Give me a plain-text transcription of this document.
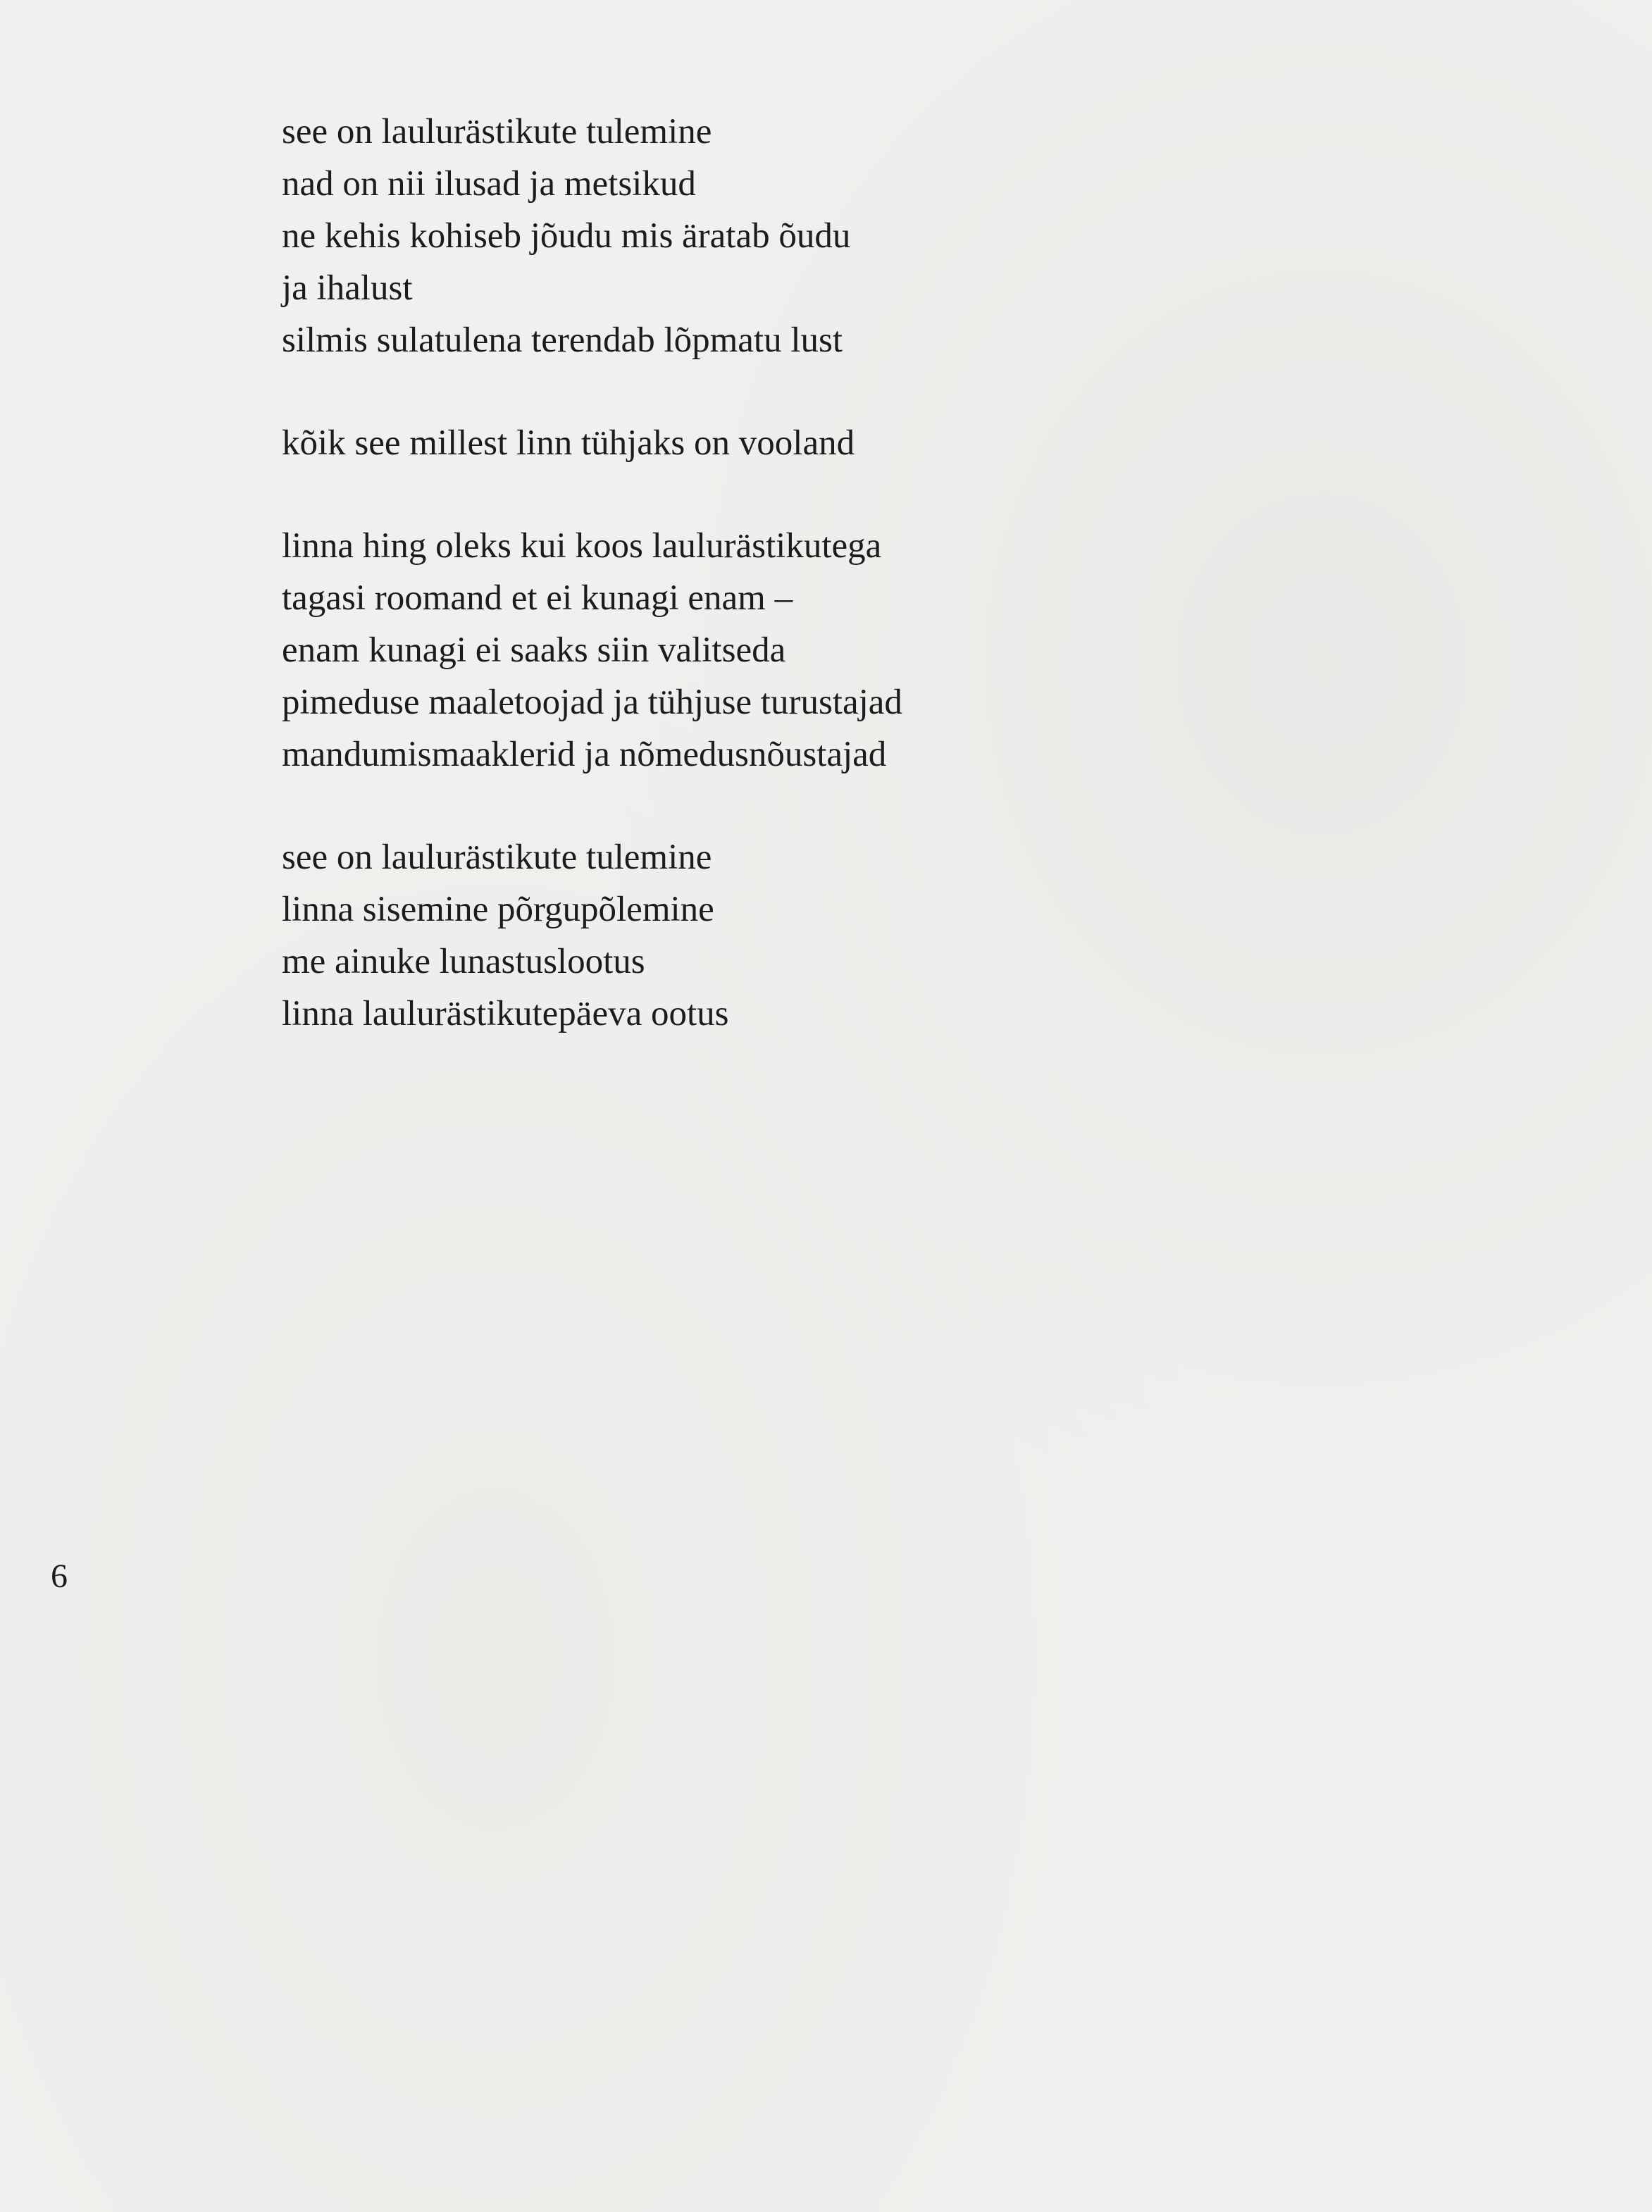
see on laulurästikute tulemine
nad on nii ilusad ja metsikud
ne kehis kohiseb jõudu mis äratab õudu
ja ihalust
silmis sulatulena terendab lõpmatu lust
kõik see millest linn tühjaks on vooland
linna hing oleks kui koos laulurästikutega
tagasi roomand et ei kunagi enam –
enam kunagi ei saaks siin valitseda
pimeduse maaletoojad ja tühjuse turustajad
mandumismaaklerid ja nõmedusnõustajad
see on laulurästikute tulemine
linna sisemine põrgupõlemine
me ainuke lunastuslootus
linna laulurästikutepäeva ootus
6
